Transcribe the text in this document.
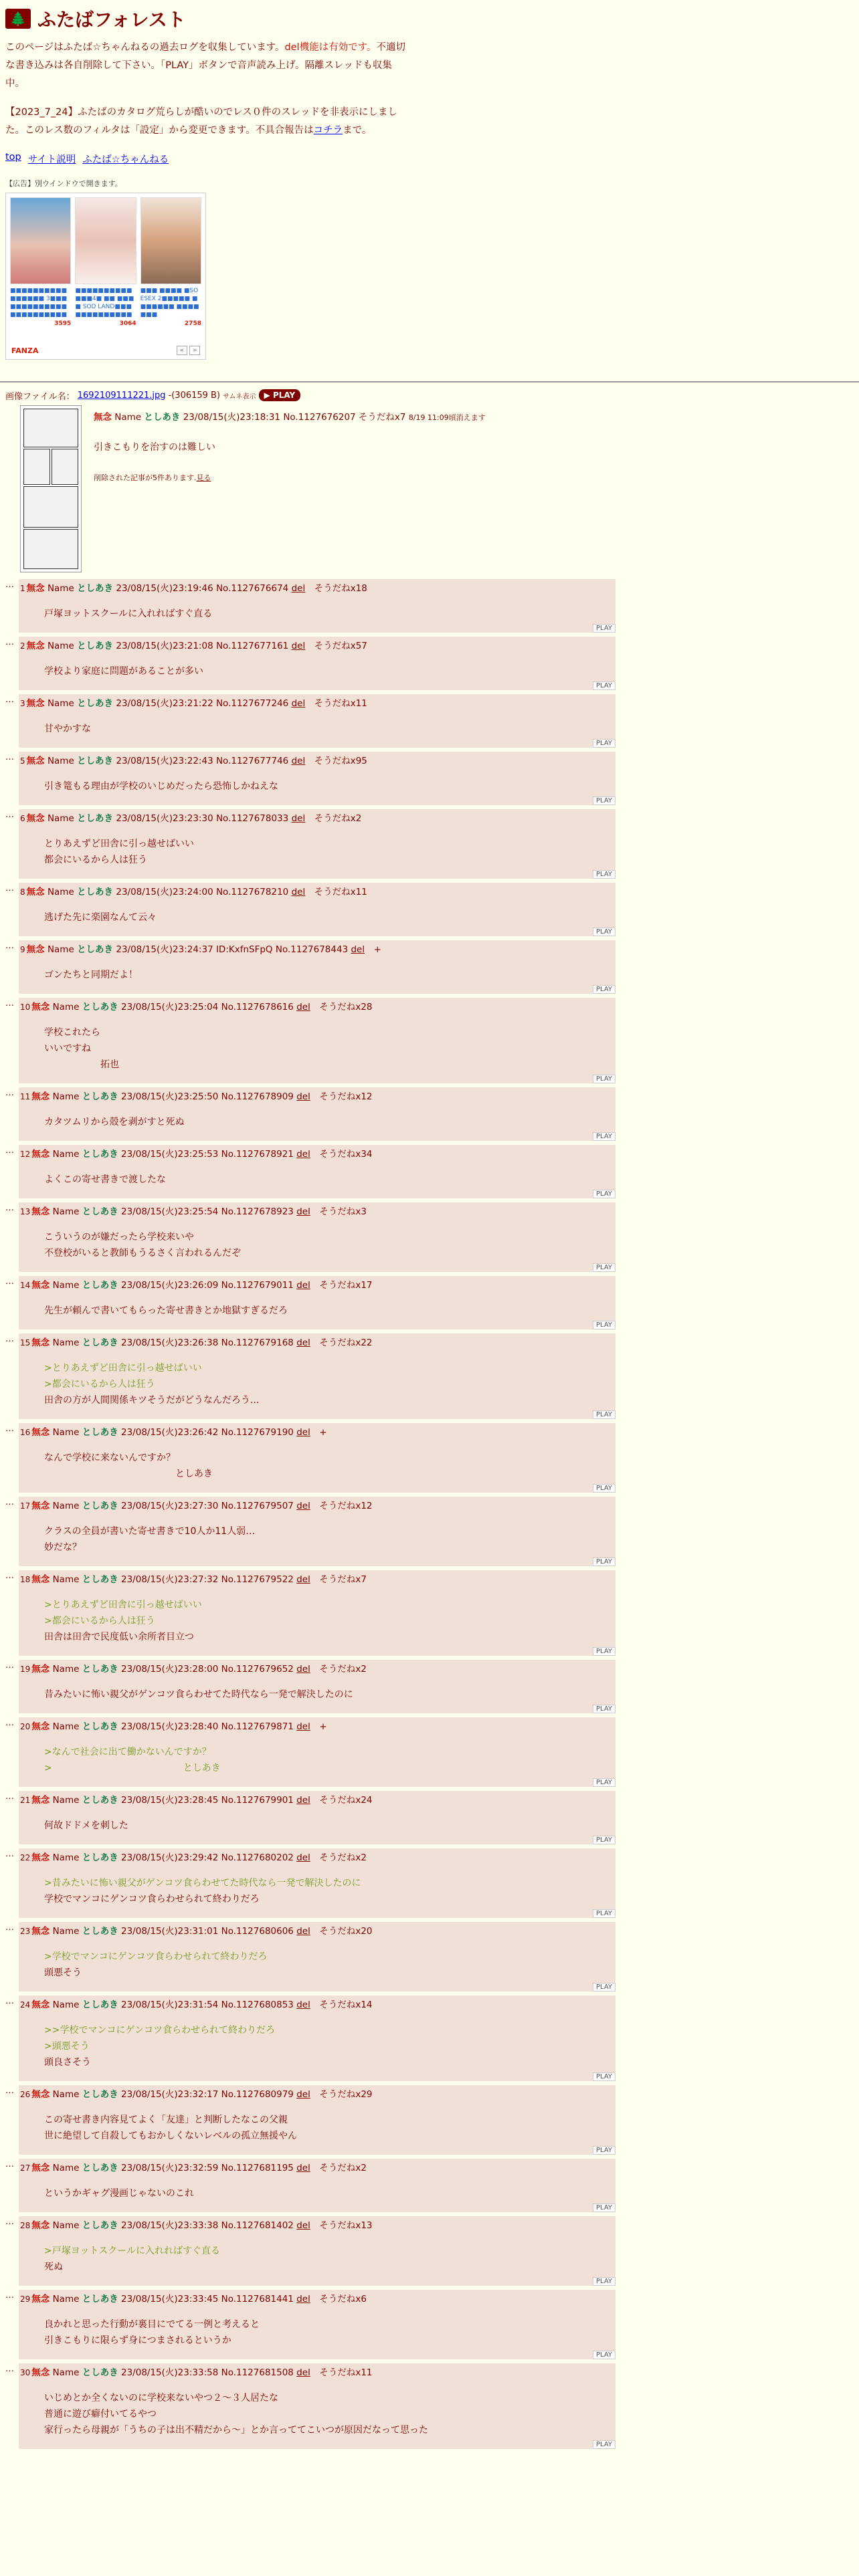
🌲 ふたばフォレスト

このページはふたば☆ちゃんねるの過去ログを収集しています。del機能は有効です。不適切な書き込みは各自削除して下さい。「PLAY」ボタンで音声読み上げ。隔離スレッドも収集中。

【2023_7_24】ふたばのカタログ荒らしが酷いのでレス０件のスレッドを非表示にしました。このレス数のフィルタは「設定」から変更できます。不具合報告はコチラまで。

top サイト説明 ふたば☆ちゃんねる
【広告】別ウインドウで開きます。
■■■■■■■■■■■■■■■■ 3■■■■■■■■■■■■■■■■■■■■■■■
3595
■■■■■■■■■■■■■4■ ■■ ■■■■ SOD LAND■■■■■■■■■■■■■
3064
■■■ ■■■■ ■SOESEX 2■■■■■ ■■■■■■■ ■■■■■■■
2758
FANZA	<	>
画像ファイル名： 1692109111221.jpg -(306159 B) サムネ表示	▶ PLAY
無念 Name としあき 23/08/15(火)23:18:31 No.1127676207 そうだねx7 8/19 11:09頃消えます
引きこもりを治すのは難しい
削除された記事が5件あります.見る
… 1 無念 Name としあき 23/08/15(火)23:19:46 No.1127676674 del　 そうだねx18
戸塚ヨットスクールに入れればすぐ直る
PLAY
… 2 無念 Name としあき 23/08/15(火)23:21:08 No.1127677161 del　 そうだねx57
学校より家庭に問題があることが多い
PLAY
… 3 無念 Name としあき 23/08/15(火)23:21:22 No.1127677246 del　 そうだねx11
甘やかすな
PLAY
… 5 無念 Name としあき 23/08/15(火)23:22:43 No.1127677746 del　 そうだねx95
引き篭もる理由が学校のいじめだったら恐怖しかねえな
PLAY
… 6 無念 Name としあき 23/08/15(火)23:23:30 No.1127678033 del　 そうだねx2
とりあえずど田舎に引っ越せばいい
都会にいるから人は狂う
PLAY
… 8 無念 Name としあき 23/08/15(火)23:24:00 No.1127678210 del　 そうだねx11
逃げた先に楽園なんて云々
PLAY
… 9 無念 Name としあき 23/08/15(火)23:24:37 ID:KxfnSFpQ No.1127678443 del　 +
ゴンたちと同期だよ！
PLAY
… 10 無念 Name としあき 23/08/15(火)23:25:04 No.1127678616 del　 そうだねx28
学校これたら
いいですね
　　　　　　拓也
PLAY
… 11 無念 Name としあき 23/08/15(火)23:25:50 No.1127678909 del　 そうだねx12
カタツムリから殻を剥がすと死ぬ
PLAY
… 12 無念 Name としあき 23/08/15(火)23:25:53 No.1127678921 del　 そうだねx34
よくこの寄せ書きで渡したな
PLAY
… 13 無念 Name としあき 23/08/15(火)23:25:54 No.1127678923 del　 そうだねx3
こういうのが嫌だったら学校来いや
不登校がいると教師もうるさく言われるんだぞ
PLAY
… 14 無念 Name としあき 23/08/15(火)23:26:09 No.1127679011 del　 そうだねx17
先生が頼んで書いてもらった寄せ書きとか地獄すぎるだろ
PLAY
… 15 無念 Name としあき 23/08/15(火)23:26:38 No.1127679168 del　 そうだねx22
>とりあえずど田舎に引っ越せばいい
>都会にいるから人は狂う
田舎の方が人間関係キツそうだがどうなんだろう...
PLAY
… 16 無念 Name としあき 23/08/15(火)23:26:42 No.1127679190 del　 +
なんで学校に来ないんですか？
　　　　　　　　　　　　　　としあき
PLAY
… 17 無念 Name としあき 23/08/15(火)23:27:30 No.1127679507 del　 そうだねx12
クラスの全員が書いた寄せ書きで10人か11人弱…
妙だな？
PLAY
… 18 無念 Name としあき 23/08/15(火)23:27:32 No.1127679522 del　 そうだねx7
>とりあえずど田舎に引っ越せばいい
>都会にいるから人は狂う
田舎は田舎で民度低い余所者目立つ
PLAY
… 19 無念 Name としあき 23/08/15(火)23:28:00 No.1127679652 del　 そうだねx2
昔みたいに怖い親父がゲンコツ食らわせてた時代なら一発で解決したのに
PLAY
… 20 無念 Name としあき 23/08/15(火)23:28:40 No.1127679871 del　 +
>なんで社会に出て働かないんですか？
>　　　　　　　　　　　　　　としあき
PLAY
… 21 無念 Name としあき 23/08/15(火)23:28:45 No.1127679901 del　 そうだねx24
何故ドドメを刺した
PLAY
… 22 無念 Name としあき 23/08/15(火)23:29:42 No.1127680202 del　 そうだねx2
>昔みたいに怖い親父がゲンコツ食らわせてた時代なら一発で解決したのに
学校でマンコにゲンコツ食らわせられて終わりだろ
PLAY
… 23 無念 Name としあき 23/08/15(火)23:31:01 No.1127680606 del　 そうだねx20
>学校でマンコにゲンコツ食らわせられて終わりだろ
頭悪そう
PLAY
… 24 無念 Name としあき 23/08/15(火)23:31:54 No.1127680853 del　 そうだねx14
>>学校でマンコにゲンコツ食らわせられて終わりだろ
>頭悪そう
頭良さそう
PLAY
… 26 無念 Name としあき 23/08/15(火)23:32:17 No.1127680979 del　 そうだねx29
この寄せ書き内容見てよく「友達」と判断したなこの父親
世に絶望して自殺してもおかしくないレベルの孤立無援やん
PLAY
… 27 無念 Name としあき 23/08/15(火)23:32:59 No.1127681195 del　 そうだねx2
というかギャグ漫画じゃないのこれ
PLAY
… 28 無念 Name としあき 23/08/15(火)23:33:38 No.1127681402 del　 そうだねx13
>戸塚ヨットスクールに入れればすぐ直る
死ぬ
PLAY
… 29 無念 Name としあき 23/08/15(火)23:33:45 No.1127681441 del　 そうだねx6
良かれと思った行動が裏目にでてる一例と考えると
引きこもりに限らず身につまされるというか
PLAY
… 30 無念 Name としあき 23/08/15(火)23:33:58 No.1127681508 del　 そうだねx11
いじめとか全くないのに学校来ないやつ２～３人居たな
普通に遊び癖付いてるやつ
家行ったら母親が「うちの子は出不精だから〜」とか言っててこいつが原因だなって思った
PLAY
